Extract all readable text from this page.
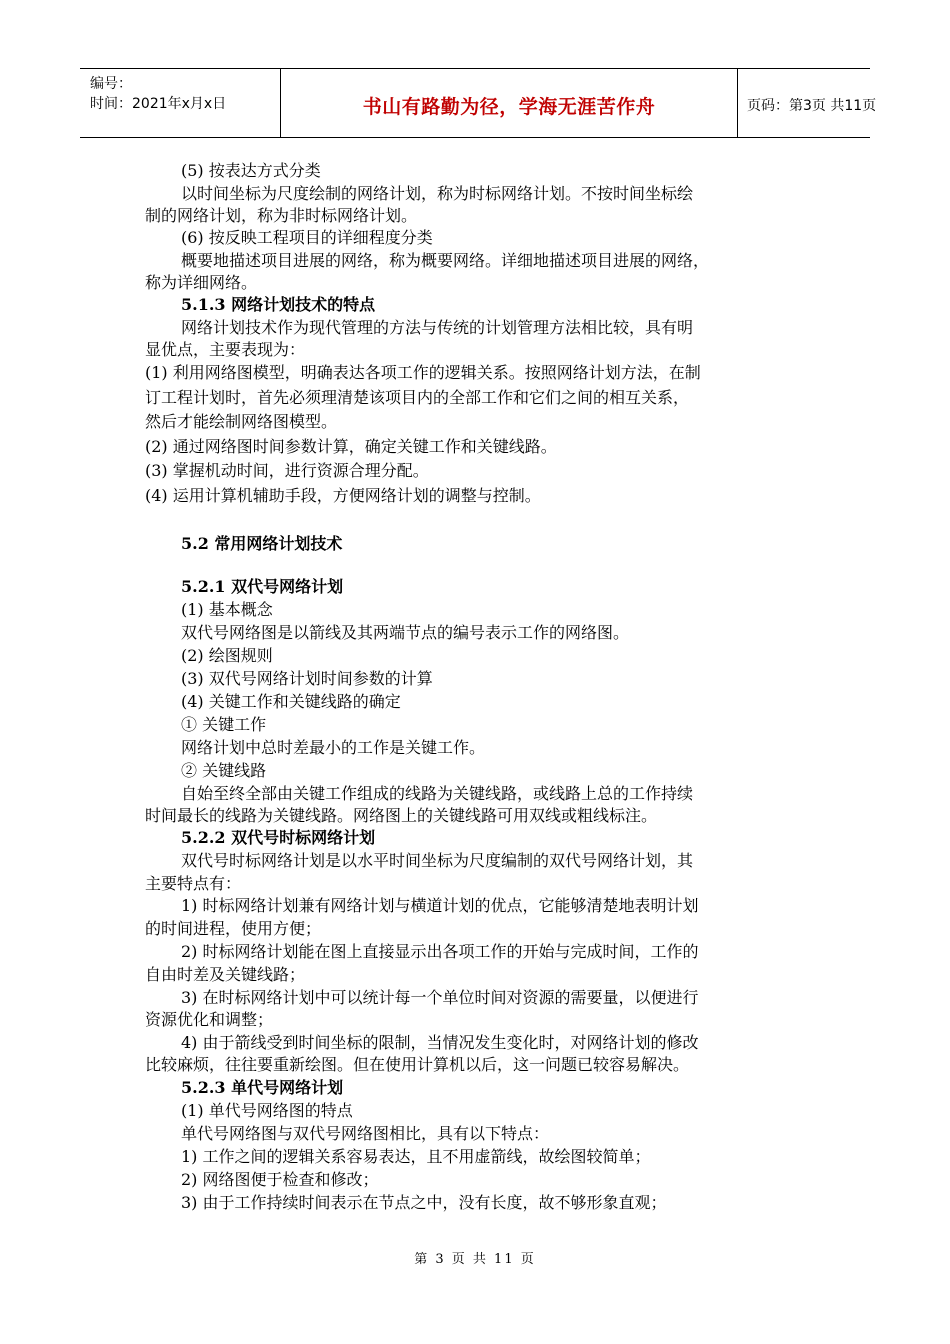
编号：
时间：2021年x月x日	书山有路勤为径，学海无涯苦作舟	页码：第3页 共11页
(5) 按表达方式分类
以时间坐标为尺度绘制的网络计划，称为时标网络计划。不按时间坐标绘
制的网络计划，称为非时标网络计划。
(6) 按反映工程项目的详细程度分类
概要地描述项目进展的网络，称为概要网络。详细地描述项目进展的网络，
称为详细网络。
5.1.3 网络计划技术的特点
网络计划技术作为现代管理的方法与传统的计划管理方法相比较，具有明
显优点，主要表现为：
(1) 利用网络图模型，明确表达各项工作的逻辑关系。按照网络计划方法，在制
订工程计划时，首先必须理清楚该项目内的全部工作和它们之间的相互关系，
然后才能绘制网络图模型。
(2) 通过网络图时间参数计算，确定关键工作和关键线路。
(3) 掌握机动时间，进行资源合理分配。
(4) 运用计算机辅助手段，方便网络计划的调整与控制。
5.2 常用网络计划技术
5.2.1 双代号网络计划
(1) 基本概念
双代号网络图是以箭线及其两端节点的编号表示工作的网络图。
(2) 绘图规则
(3) 双代号网络计划时间参数的计算
(4) 关键工作和关键线路的确定
① 关键工作
网络计划中总时差最小的工作是关键工作。
② 关键线路
自始至终全部由关键工作组成的线路为关键线路，或线路上总的工作持续
时间最长的线路为关键线路。网络图上的关键线路可用双线或粗线标注。
5.2.2 双代号时标网络计划
双代号时标网络计划是以水平时间坐标为尺度编制的双代号网络计划，其
主要特点有：
1) 时标网络计划兼有网络计划与横道计划的优点，它能够清楚地表明计划
的时间进程，使用方便；
2) 时标网络计划能在图上直接显示出各项工作的开始与完成时间，工作的
自由时差及关键线路；
3) 在时标网络计划中可以统计每一个单位时间对资源的需要量，以便进行
资源优化和调整；
4) 由于箭线受到时间坐标的限制，当情况发生变化时，对网络计划的修改
比较麻烦，往往要重新绘图。但在使用计算机以后，这一问题已较容易解决。
5.2.3 单代号网络计划
(1) 单代号网络图的特点
单代号网络图与双代号网络图相比，具有以下特点：
1) 工作之间的逻辑关系容易表达，且不用虚箭线，故绘图较简单；
2) 网络图便于检查和修改；
3) 由于工作持续时间表示在节点之中，没有长度，故不够形象直观；
第 3 页 共 11 页
